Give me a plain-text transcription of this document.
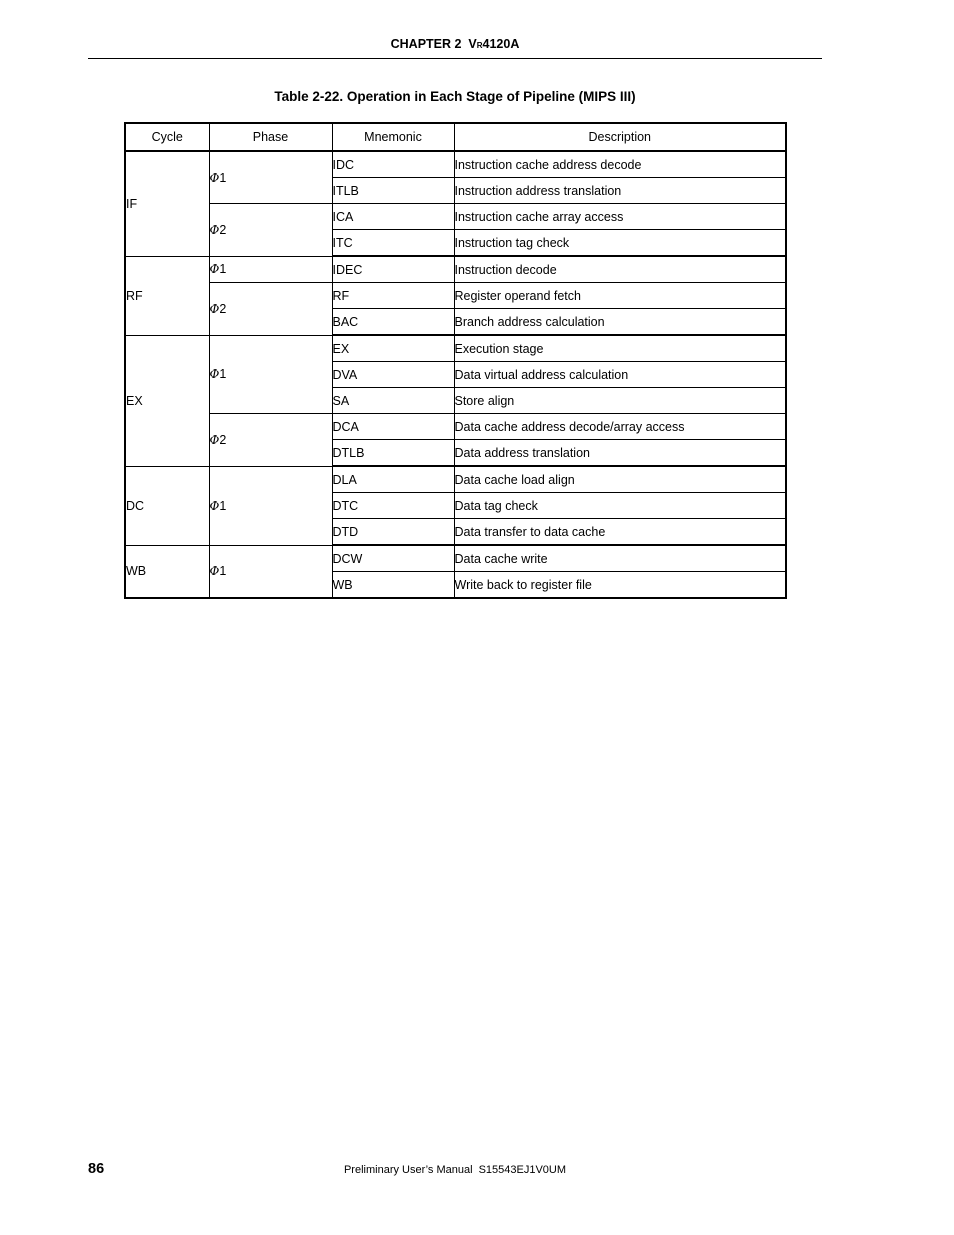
CHAPTER 2 VR4120A
Table 2-22. Operation in Each Stage of Pipeline (MIPS III)
Cycle	Phase	Mnemonic	Description
IF	Φ1	IDC	Instruction cache address decode
		ITLB	Instruction address translation
	Φ2	ICA	Instruction cache array access
		ITC	Instruction tag check
RF	Φ1	IDEC	Instruction decode
	Φ2	RF	Register operand fetch
		BAC	Branch address calculation
EX	Φ1	EX	Execution stage
		DVA	Data virtual address calculation
		SA	Store align
	Φ2	DCA	Data cache address decode/array access
		DTLB	Data address translation
DC	Φ1	DLA	Data cache load align
		DTC	Data tag check
		DTD	Data transfer to data cache
WB	Φ1	DCW	Data cache write
		WB	Write back to register file
86	Preliminary User’s Manual S15543EJ1V0UM
